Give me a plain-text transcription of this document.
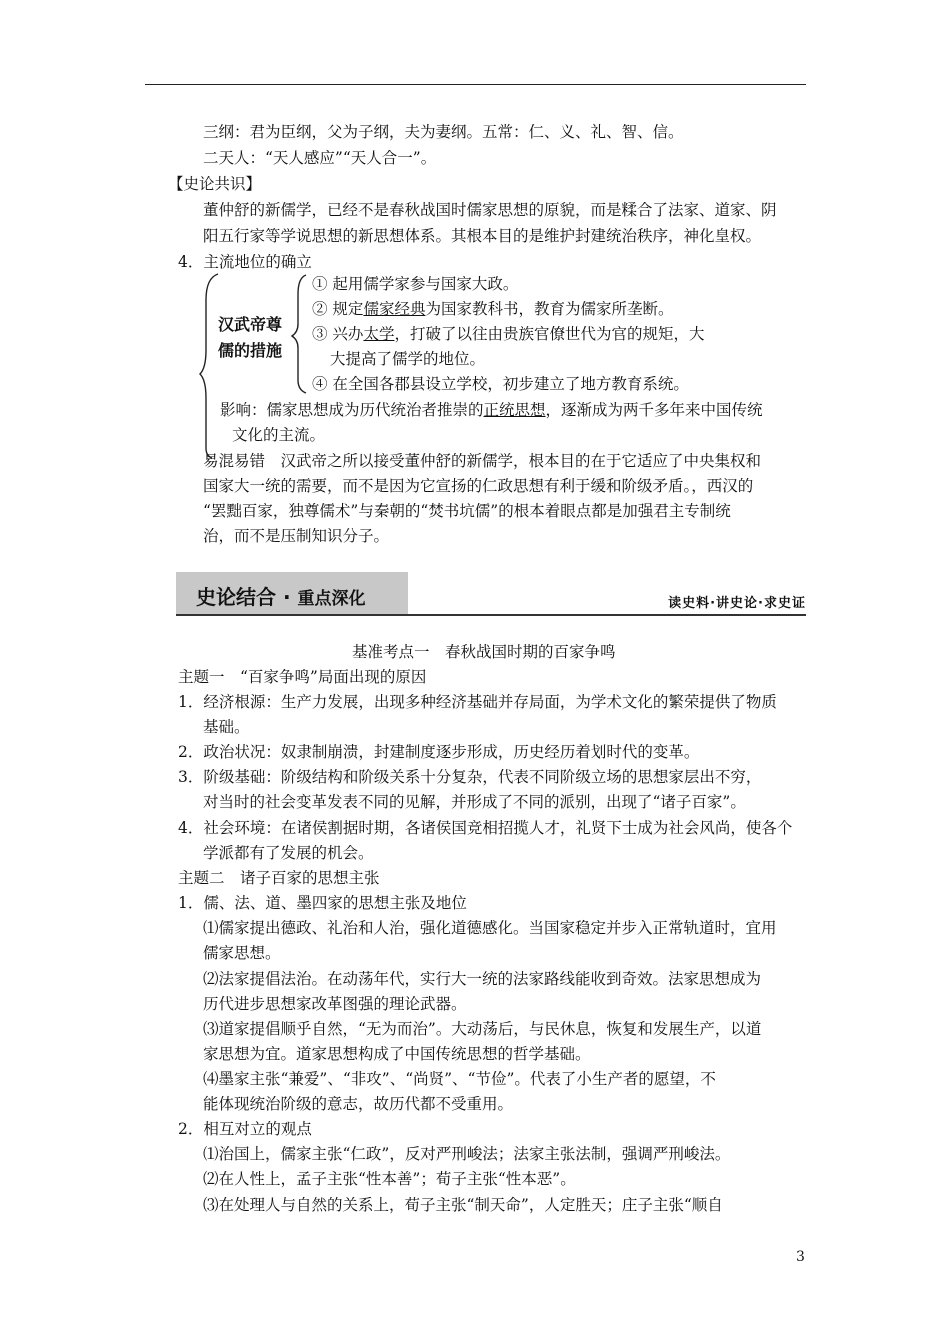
三纲：君为臣纲，父为子纲，夫为妻纲。五常：仁、义、礼、智、信。
二天人：“天人感应”“天人合一”。
【史论共识】
董仲舒的新儒学，已经不是春秋战国时儒家思想的原貌，而是糅合了法家、道家、阴
阳五行家等学说思想的新思想体系。其根本目的是维护封建统治秩序，神化皇权。
4．主流地位的确立
汉武帝尊
儒的措施
① 起用儒学家参与国家大政。
② 规定儒家经典为国家教科书，教育为儒家所垄断。
③ 兴办太学，打破了以往由贵族官僚世代为官的规矩，大
大提高了儒学的地位。
④ 在全国各郡县设立学校，初步建立了地方教育系统。
影响：儒家思想成为历代统治者推崇的正统思想，逐渐成为两千多年来中国传统
文化的主流。
易混易错　汉武帝之所以接受董仲舒的新儒学，根本目的在于它适应了中央集权和
国家大一统的需要，而不是因为它宣扬的仁政思想有利于缓和阶级矛盾。，西汉的
“罢黜百家，独尊儒术”与秦朝的“焚书坑儒”的根本着眼点都是加强君主专制统
治，而不是压制知识分子。
史论结合 · 重点深化	读史料·讲史论·求史证
基准考点一　春秋战国时期的百家争鸣
主题一　“百家争鸣”局面出现的原因
1．经济根源：生产力发展，出现多种经济基础并存局面，为学术文化的繁荣提供了物质
基础。
2．政治状况：奴隶制崩溃，封建制度逐步形成，历史经历着划时代的变革。
3．阶级基础：阶级结构和阶级关系十分复杂，代表不同阶级立场的思想家层出不穷，
对当时的社会变革发表不同的见解，并形成了不同的派别，出现了“诸子百家”。
4．社会环境：在诸侯割据时期，各诸侯国竞相招揽人才，礼贤下士成为社会风尚，使各个
学派都有了发展的机会。
主题二　诸子百家的思想主张
1．儒、法、道、墨四家的思想主张及地位
⑴儒家提出德政、礼治和人治，强化道德感化。当国家稳定并步入正常轨道时，宜用
儒家思想。
⑵法家提倡法治。在动荡年代，实行大一统的法家路线能收到奇效。法家思想成为
历代进步思想家改革图强的理论武器。
⑶道家提倡顺乎自然，“无为而治”。大动荡后，与民休息，恢复和发展生产，以道
家思想为宜。道家思想构成了中国传统思想的哲学基础。
⑷墨家主张“兼爱”、“非攻”、“尚贤”、“节俭”。代表了小生产者的愿望，不
能体现统治阶级的意志，故历代都不受重用。
2．相互对立的观点
⑴治国上，儒家主张“仁政”，反对严刑峻法；法家主张法制，强调严刑峻法。
⑵在人性上，孟子主张“性本善”；荀子主张“性本恶”。
⑶在处理人与自然的关系上，荀子主张“制天命”，人定胜天；庄子主张“顺自
3
